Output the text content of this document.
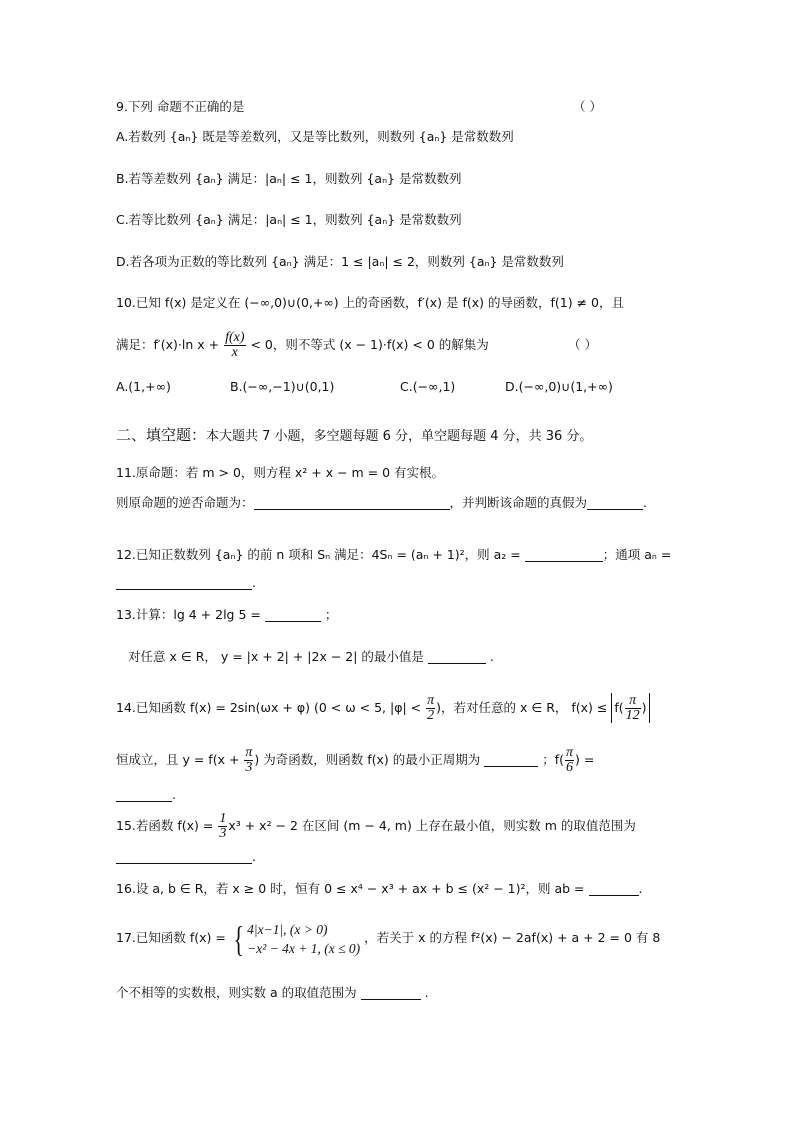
9.下列 命题不正确的是	（ ）
A.若数列 {aₙ} 既是等差数列，又是等比数列，则数列 {aₙ} 是常数数列
B.若等差数列 {aₙ} 满足：|aₙ| ≤ 1，则数列 {aₙ} 是常数数列
C.若等比数列 {aₙ} 满足：|aₙ| ≤ 1，则数列 {aₙ} 是常数数列
D.若各项为正数的等比数列 {aₙ} 满足：1 ≤ |aₙ| ≤ 2，则数列 {aₙ} 是常数数列
10.已知 f(x) 是定义在 (−∞,0)∪(0,+∞) 上的奇函数，f′(x) 是 f(x) 的导函数，f(1) ≠ 0，且
满足：f′(x)·ln $x + \frac{f(x)}{x} < 0$，则不等式 (x − 1)·f(x) < 0 的解集为	（ ）
A.(1,+∞)	B.(−∞,−1)∪(0,1)	C.(−∞,1)	D.(−∞,0)∪(1,+∞)
二、填空题：本大题共 7 小题，多空题每题 6 分，单空题每题 4 分，共 36 分。
11.原命题：若 m > 0，则方程 x² + x − m = 0 有实根。
则原命题的逆否命题为：	，并判断该命题的真假为	.
12.已知正数数列 {aₙ} 的前 n 项和 Sₙ 满足：4Sₙ = (aₙ + 1)²，则 a₂ =	；通项 aₙ =
.
13.计算：lg 4 + 2lg 5 =	；
对任意 x ∈ R， y = |x + 2| + |2x − 2| 的最小值是	.
14.已知函数 f(x) = 2sin(ωx + φ) (0 < ω < 5, $|\varphi| < \frac{\pi}{2}$ )，若对任意的 x ∈ R， $f(x) \le f( \frac{\pi}{12}$ )
恒成立，且 $y = f(x + \frac{\pi}{3}$ ) 为奇函数，则函数 f(x) 的最小正周期为	；$f( \frac{\pi}{6}$ ) =
.
15.若函数 $f(x) = \frac{1}{3} x^3 + x^2 - 2$ 在区间 (m − 4, m) 上存在最小值，则实数 m 的取值范围为
.
16.设 a, b ∈ R，若 x ≥ 0 时，恒有 0 ≤ x⁴ − x³ + ax + b ≤ (x² − 1)²，则 ab =	.
17.已知函数 f(x) = { 4|x−1|, (x > 0)
−x² − 4x + 1, (x ≤ 0)
，若关于 x 的方程 f²(x) − 2af(x) + a + 2 = 0 有 8
个不相等的实数根，则实数 a 的取值范围为	.
